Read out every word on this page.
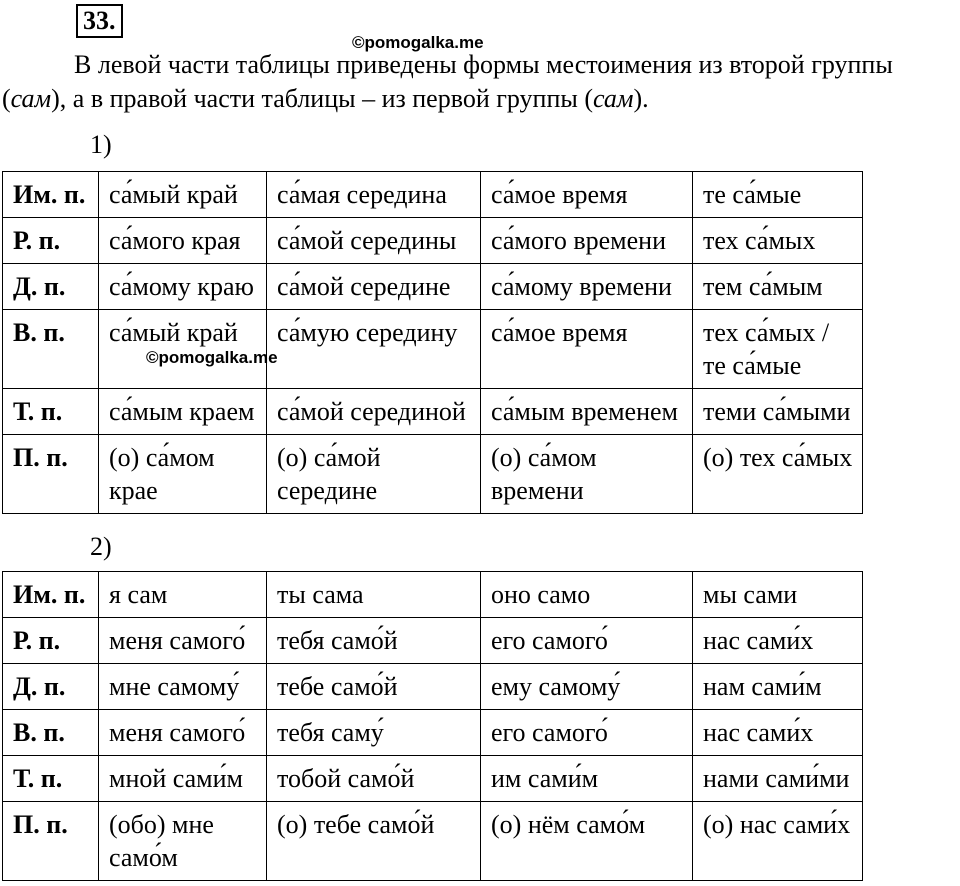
33.
©pomogalka.me
В левой части таблицы приведены формы местоимения из второй группы (сам), а в правой части таблицы – из первой группы (сам).
1)
Им. п.	са́мый край	са́мая середина	са́мое время	те са́мые
Р. п.	са́мого края	са́мой середины	са́мого времени	тех са́мых
Д. п.	са́мому краю	са́мой середине	са́мому времени	тем са́мым
В. п.	са́мый край	са́мую середину	са́мое время	тех са́мых / те са́мые
Т. п.	са́мым краем	са́мой серединой	са́мым временем	теми са́мыми
П. п.	(о) са́мом крае	(о) са́мой середине	(о) са́мом времени	(о) тех са́мых
©pomogalka.me
2)
Им. п.	я сам	ты сама	оно само	мы сами
Р. п.	меня самого́	тебя само́й	его самого́	нас сами́х
Д. п.	мне самому́	тебе само́й	ему самому́	нам сами́м
В. п.	меня самого́	тебя саму́	его самого́	нас сами́х
Т. п.	мной сами́м	тобой само́й	им сами́м	нами сами́ми
П. п.	(обо) мне само́м	(о) тебе само́й	(о) нём само́м	(о) нас сами́х
